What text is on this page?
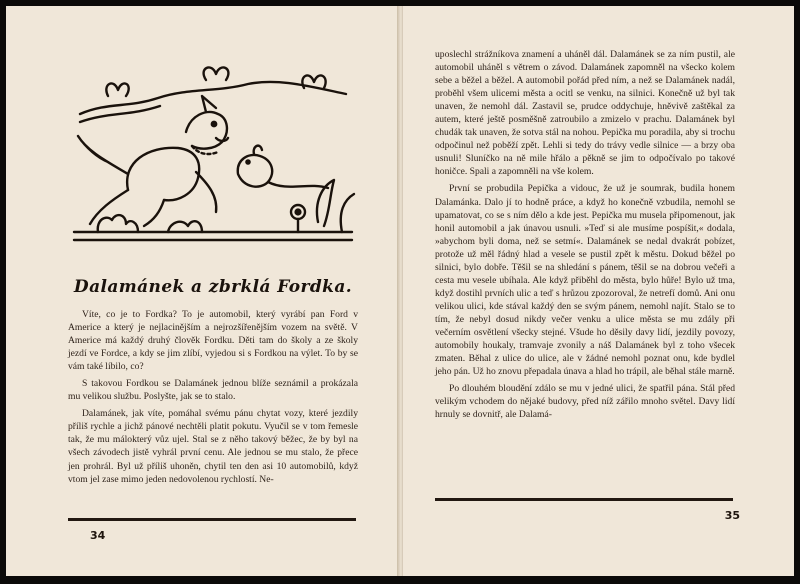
Dalamánek a zbrklá Fordka.

Víte, co je to Fordka? To je automobil, který vyrábí pan Ford v Americe a který je nejlacinějším a nejrozšířenějším vozem na světě. V Americe má každý druhý člověk Fordku. Děti tam do školy a ze školy jezdí ve Fordce, a kdy se jim zlíbí, vyjedou si s Fordkou na výlet. To by se vám také líbilo, co?

S takovou Fordkou se Dalamánek jednou blíže seznámil a prokázala mu velikou službu. Poslyšte, jak se to stalo.

Dalamánek, jak víte, pomáhal svému pánu chytat vozy, které jezdily příliš rychle a jichž pánové nechtěli platit pokutu. Vyučil se v tom řemesle tak, že mu málokterý vůz ujel. Stal se z něho takový běžec, že by byl na všech závodech jistě vyhrál první cenu. Ale jednou se mu stalo, že přece jen prohrál. Byl už příliš uhoněn, chytil ten den asi 10 automobilů, když vtom jel zase mimo jeden nedovolenou rychlostí. Ne-

34

uposlechl strážníkova znamení a uháněl dál. Dalamánek se za ním pustil, ale automobil uháněl s větrem o závod. Dalamánek zapomněl na všecko kolem sebe a běžel a běžel. A automobil pořád před ním, a než se Dalamánek nadál, proběhl všem ulicemi města a ocitl se venku, na silnici. Konečně už byl tak unaven, že nemohl dál. Zastavil se, prudce oddychuje, hněvivě zaštěkal za autem, které ještě posměšně zatroubilo a zmizelo v prachu. Dalamánek byl chudák tak unaven, že sotva stál na nohou. Pepička mu poradila, aby si trochu odpočinul než poběží zpět. Lehli si tedy do trávy vedle silnice — a brzy oba usnuli! Sluníčko na ně mile hřálo a pěkně se jim to odpočívalo po takové honičce. Spali a zapomněli na vše kolem.

První se probudila Pepička a vidouc, že už je soumrak, budila honem Dalamánka. Dalo jí to hodně práce, a když ho konečně vzbudila, nemohl se upamatovat, co se s ním dělo a kde jest. Pepička mu musela připomenout, jak honil automobil a jak únavou usnuli. »Teď si ale musíme pospíšit,« dodala, »abychom byli doma, než se setmí«. Dalamánek se nedal dvakrát pobízet, protože už měl řádný hlad a vesele se pustil zpět k městu. Dokud běžel po silnici, bylo dobře. Těšil se na shledání s pánem, těšil se na dobrou večeři a cesta mu vesele ubíhala. Ale když přiběhl do města, bylo hůře! Bylo už tma, když dostihl prvních ulic a teď s hrůzou zpozoroval, že netrefí domů. Ani onu velikou ulici, kde stával každý den se svým pánem, nemohl najít. Stalo se to tím, že nebyl dosud nikdy večer venku a ulice města se mu zdály při večerním osvětlení všecky stejné. Všude ho děsily davy lidí, jezdily povozy, automobily houkaly, tramvaje zvonily a náš Dalamánek byl z toho všecek zmaten. Běhal z ulice do ulice, ale v žádné nemohl poznat onu, kde bydlel jeho pán. Už ho znovu přepadala únava a hlad ho trápil, ale běhal stále marně.

Po dlouhém bloudění zdálo se mu v jedné ulici, že spatřil pána. Stál před velikým vchodem do nějaké budovy, před níž zářilo mnoho světel. Davy lidí hrnuly se dovnitř, ale Dalamá-

35
